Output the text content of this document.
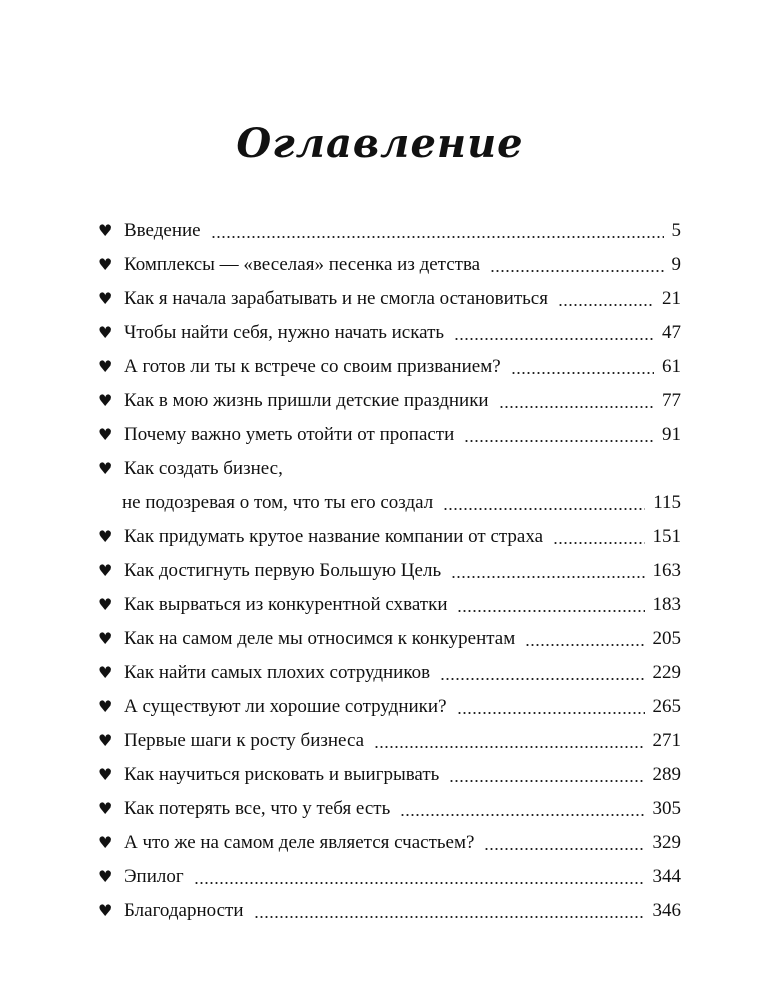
Оглавление
♥ Введение	5
♥ Комплексы — «веселая» песенка из детства	9
♥ Как я начала зарабатывать и не смогла остановиться	21
♥ Чтобы найти себя, нужно начать искать	47
♥ А готов ли ты к встрече со своим призванием?	61
♥ Как в мою жизнь пришли детские праздники	77
♥ Почему важно уметь отойти от пропасти	91
♥ Как создать бизнес,
не подозревая о том, что ты его создал	115
♥ Как придумать крутое название компании от страха	151
♥ Как достигнуть первую Большую Цель	163
♥ Как вырваться из конкурентной схватки	183
♥ Как на самом деле мы относимся к конкурентам	205
♥ Как найти самых плохих сотрудников	229
♥ А существуют ли хорошие сотрудники?	265
♥ Первые шаги к росту бизнеса	271
♥ Как научиться рисковать и выигрывать	289
♥ Как потерять все, что у тебя есть	305
♥ А что же на самом деле является счастьем?	329
♥ Эпилог	344
♥ Благодарности	346
